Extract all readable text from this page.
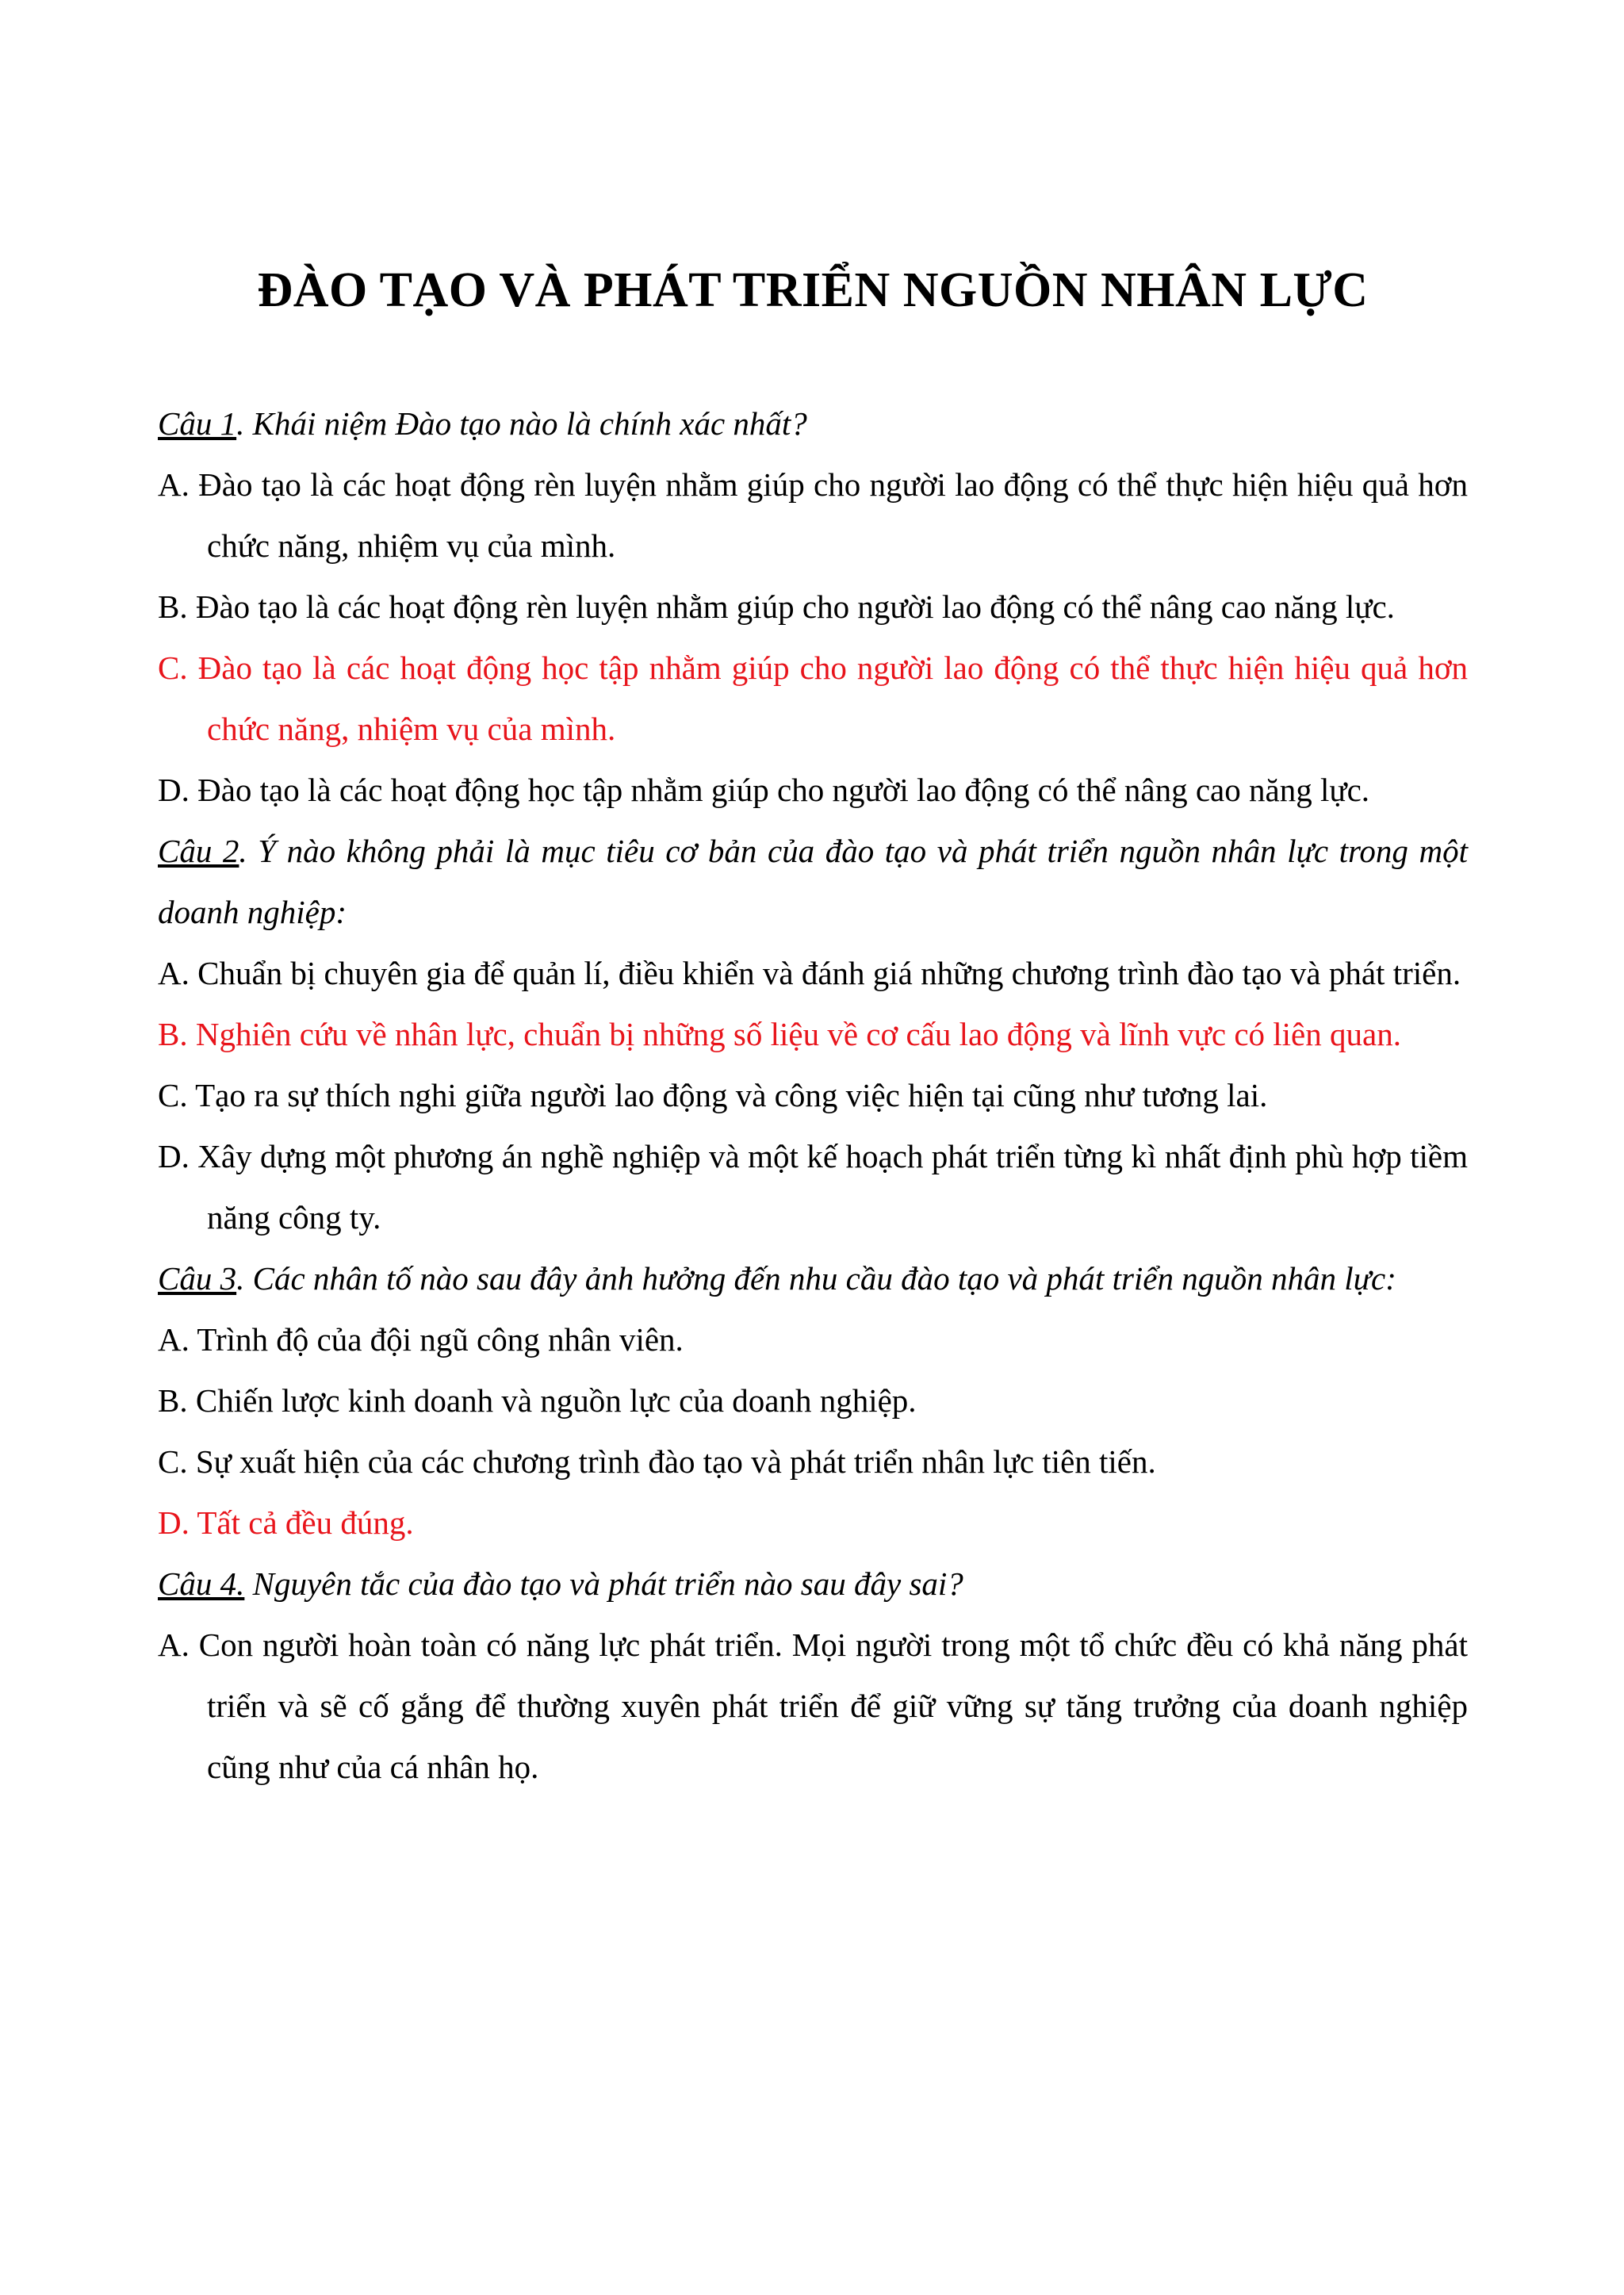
ĐÀO TẠO VÀ PHÁT TRIỂN NGUỒN NHÂN LỰC
Câu 1. Khái niệm Đào tạo nào là chính xác nhất?
A. Đào tạo là các hoạt động rèn luyện nhằm giúp cho người lao động có thể thực hiện hiệu quả hơn chức năng, nhiệm vụ của mình.
B. Đào tạo là các hoạt động rèn luyện nhằm giúp cho người lao động có thể nâng cao năng lực.
C. Đào tạo là các hoạt động học tập nhằm giúp cho người lao động có thể thực hiện hiệu quả hơn chức năng, nhiệm vụ của mình.
D. Đào tạo là các hoạt động học tập nhằm giúp cho người lao động có thể nâng cao năng lực.
Câu 2. Ý nào không phải là mục tiêu cơ bản của đào tạo và phát triển nguồn nhân lực trong một doanh nghiệp:
A. Chuẩn bị chuyên gia để quản lí, điều khiển và đánh giá những chương trình đào tạo và phát triển.
B. Nghiên cứu về nhân lực, chuẩn bị những số liệu về cơ cấu lao động và lĩnh vực có liên quan.
C. Tạo ra sự thích nghi giữa người lao động và công việc hiện tại cũng như tương lai.
D. Xây dựng một phương án nghề nghiệp và một kế hoạch phát triển từng kì nhất định phù hợp tiềm năng công ty.
Câu 3. Các nhân tố nào sau đây ảnh hưởng đến nhu cầu đào tạo và phát triển nguồn nhân lực:
A. Trình độ của đội ngũ công nhân viên.
B. Chiến lược kinh doanh và nguồn lực của doanh nghiệp.
C. Sự xuất hiện của các chương trình đào tạo và phát triển nhân lực tiên tiến.
D. Tất cả đều đúng.
Câu 4. Nguyên tắc của đào tạo và phát triển nào sau đây sai?
A. Con người hoàn toàn có năng lực phát triển. Mọi người trong một tổ chức đều có khả năng phát triển và sẽ cố gắng để thường xuyên phát triển để giữ vững sự tăng trưởng của doanh nghiệp cũng như của cá nhân họ.
